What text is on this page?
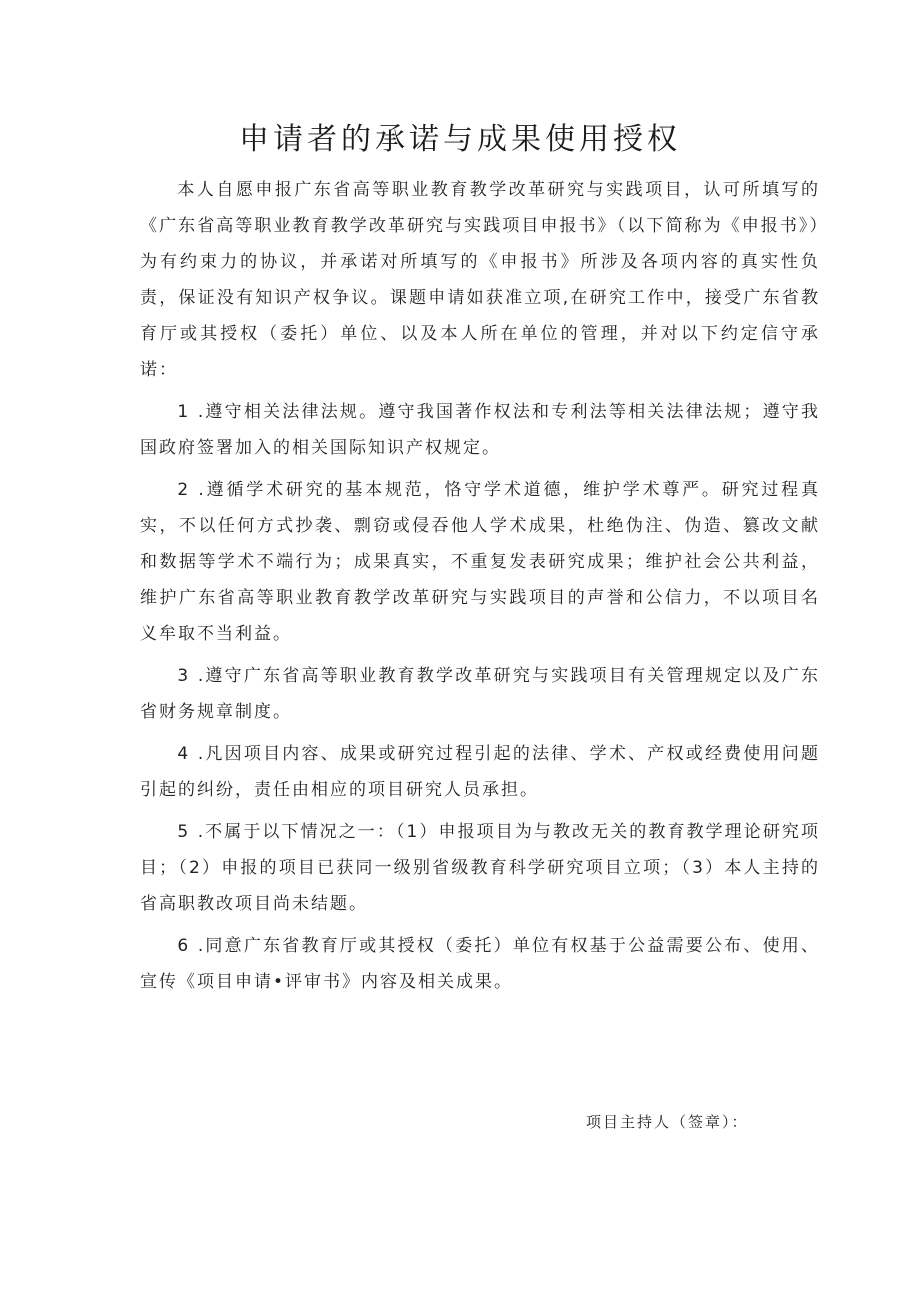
申请者的承诺与成果使用授权

本人自愿申报广东省高等职业教育教学改革研究与实践项目，认可所填写的《广东省高等职业教育教学改革研究与实践项目申报书》（以下简称为《申报书》）为有约束力的协议，并承诺对所填写的《申报书》所涉及各项内容的真实性负责，保证没有知识产权争议。课题申请如获准立项,在研究工作中，接受广东省教育厅或其授权（委托）单位、以及本人所在单位的管理，并对以下约定信守承诺：

1 .遵守相关法律法规。遵守我国著作权法和专利法等相关法律法规；遵守我国政府签署加入的相关国际知识产权规定。

2 .遵循学术研究的基本规范，恪守学术道德，维护学术尊严。研究过程真实，不以任何方式抄袭、剽窃或侵吞他人学术成果，杜绝伪注、伪造、篡改文献和数据等学术不端行为；成果真实，不重复发表研究成果；维护社会公共利益，维护广东省高等职业教育教学改革研究与实践项目的声誉和公信力，不以项目名义牟取不当利益。

3 .遵守广东省高等职业教育教学改革研究与实践项目有关管理规定以及广东省财务规章制度。

4 .凡因项目内容、成果或研究过程引起的法律、学术、产权或经费使用问题引起的纠纷，责任由相应的项目研究人员承担。

5 .不属于以下情况之一：（1）申报项目为与教改无关的教育教学理论研究项目；（2）申报的项目已获同一级别省级教育科学研究项目立项；（3）本人主持的省高职教改项目尚未结题。

6 .同意广东省教育厅或其授权（委托）单位有权基于公益需要公布、使用、宣传《项目申请•评审书》内容及相关成果。

项目主持人（签章）：
